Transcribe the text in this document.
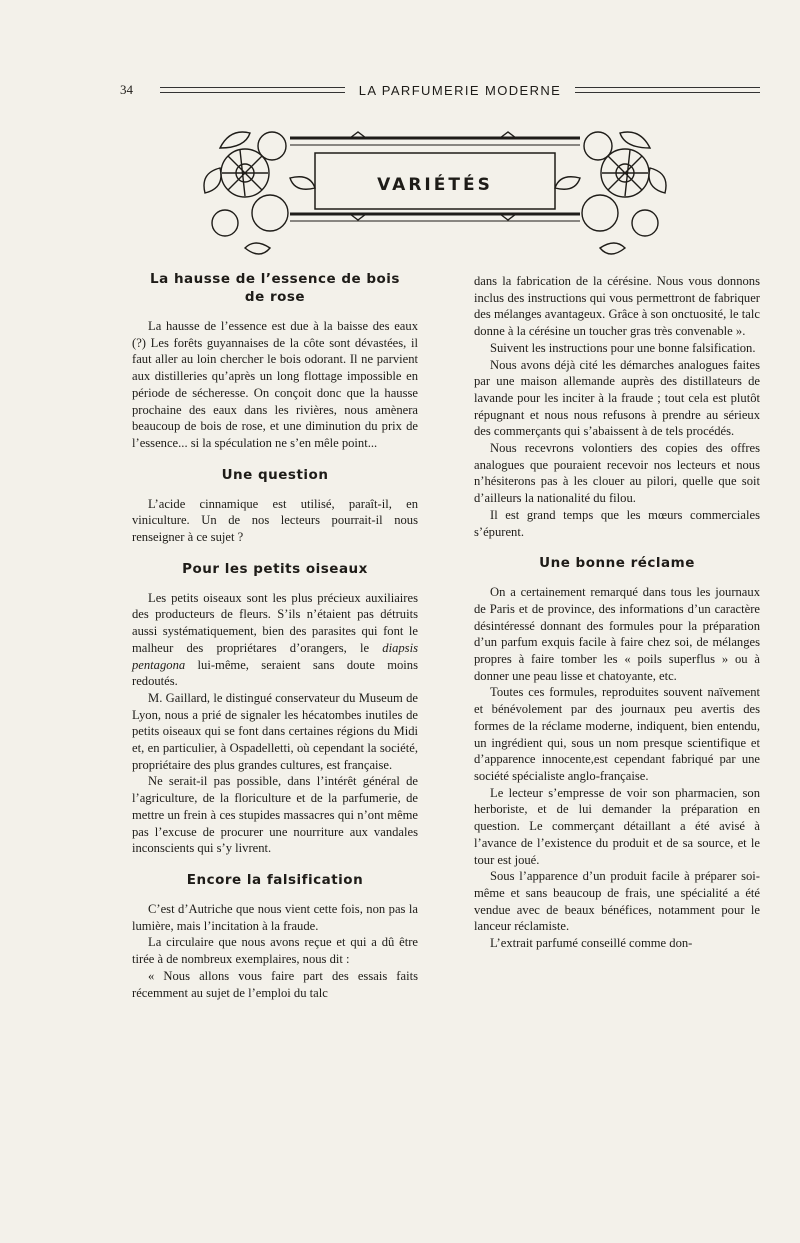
34	LA PARFUMERIE MODERNE
VARIÉTÉS
La hausse de l’essence de bois
de rose

La hausse de l’essence est due à la baisse des eaux (?) Les forêts guyannaises de la côte sont dévastées, il faut aller au loin chercher le bois odorant. Il ne parvient aux distilleries qu’après un long flottage impossible en période de sécheresse. On conçoit donc que la hausse prochaine des eaux dans les rivières, nous amènera beaucoup de bois de rose, et une diminution du prix de l’essence... si la spéculation ne s’en mêle point...

Une question

L’acide cinnamique est utilisé, paraît-il, en viniculture. Un de nos lecteurs pourrait-il nous renseigner à ce sujet ?

Pour les petits oiseaux

Les petits oiseaux sont les plus précieux auxiliaires des producteurs de fleurs. S’ils n’étaient pas détruits aussi systématiquement, bien des parasites qui font le malheur des propriétares d’orangers, le diapsis pentagona lui-même, seraient sans doute moins redoutés.

M. Gaillard, le distingué conservateur du Museum de Lyon, nous a prié de signaler les hécatombes inutiles de petits oiseaux qui se font dans certaines régions du Midi et, en particulier, à Ospadelletti, où cependant la société, propriétaire des plus grandes cultures, est française.

Ne serait-il pas possible, dans l’intérêt général de l’agriculture, de la floriculture et de la parfumerie, de mettre un frein à ces stupides massacres qui n’ont même pas l’excuse de procurer une nourriture aux vandales inconscients qui s’y livrent.

Encore la falsification

C’est d’Autriche que nous vient cette fois, non pas la lumière, mais l’incitation à la fraude.

La circulaire que nous avons reçue et qui a dû être tirée à de nombreux exemplaires, nous dit :

« Nous allons vous faire part des essais faits récemment au sujet de l’emploi du talc

dans la fabrication de la cérésine. Nous vous donnons inclus des instructions qui vous permettront de fabriquer des mélanges avantageux. Grâce à son onctuosité, le talc donne à la cérésine un toucher gras très convenable ».

Suivent les instructions pour une bonne falsification.

Nous avons déjà cité les démarches analogues faites par une maison allemande auprès des distillateurs de lavande pour les inciter à la fraude ; tout cela est plutôt répugnant et nous nous refusons à prendre au sérieux des commerçants qui s’abaissent à de tels procédés.

Nous recevrons volontiers des copies des offres analogues que pouraient recevoir nos lecteurs et nous n’hésiterons pas à les clouer au pilori, quelle que soit d’ailleurs la nationalité du filou.

Il est grand temps que les mœurs commerciales s’épurent.

Une bonne réclame

On a certainement remarqué dans tous les journaux de Paris et de province, des informations d’un caractère désintéressé donnant des formules pour la préparation d’un parfum exquis facile à faire chez soi, de mélanges propres à faire tomber les « poils superflus » ou à donner une peau lisse et chatoyante, etc.

Toutes ces formules, reproduites souvent naïvement et bénévolement par des journaux peu avertis des formes de la réclame moderne, indiquent, bien entendu, un ingrédient qui, sous un nom presque scientifique et d’apparence innocente,est cependant fabriqué par une société spécialiste anglo-française.

Le lecteur s’empresse de voir son pharmacien, son herboriste, et de lui demander la préparation en question. Le commerçant détaillant a été avisé à l’avance de l’existence du produit et de sa source, et le tour est joué.

Sous l’apparence d’un produit facile à préparer soi-même et sans beaucoup de frais, une spécialité a été vendue avec de beaux bénéfices, notamment pour le lanceur réclamiste.

L’extrait parfumé conseillé comme don-
